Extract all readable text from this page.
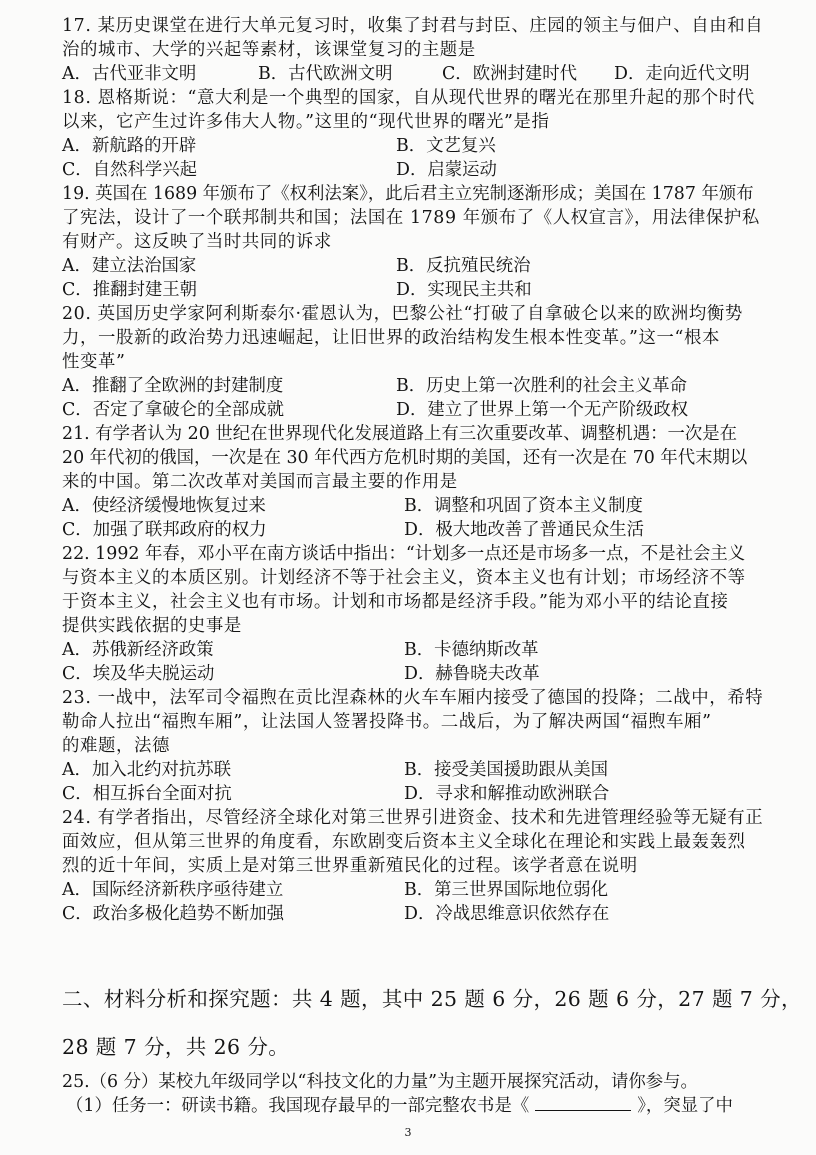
17. 某历史课堂在进行大单元复习时，收集了封君与封臣、庄园的领主与佃户、自由和自
治的城市、大学的兴起等素材，该课堂复习的主题是
A．古代亚非文明	B．古代欧洲文明	C．欧洲封建时代 D．走向近代文明
18. 恩格斯说：“意大利是一个典型的国家，自从现代世界的曙光在那里升起的那个时代
以来，它产生过许多伟大人物。”这里的“现代世界的曙光”是指
A．新航路的开辟	B．文艺复兴
C．自然科学兴起	D．启蒙运动
19. 英国在 1689 年颁布了《权利法案》，此后君主立宪制逐渐形成；美国在 1787 年颁布
了宪法，设计了一个联邦制共和国；法国在 1789 年颁布了《人权宣言》，用法律保护私
有财产。这反映了当时共同的诉求
A．建立法治国家	B．反抗殖民统治
C．推翻封建王朝	D．实现民主共和
20. 英国历史学家阿利斯泰尔·霍恩认为，巴黎公社“打破了自拿破仑以来的欧洲均衡势
力，一股新的政治势力迅速崛起，让旧世界的政治结构发生根本性变革。”这一“根本
性变革”
A．推翻了全欧洲的封建制度	B．历史上第一次胜利的社会主义革命
C．否定了拿破仑的全部成就	D．建立了世界上第一个无产阶级政权
21. 有学者认为 20 世纪在世界现代化发展道路上有三次重要改革、调整机遇：一次是在
20 年代初的俄国，一次是在 30 年代西方危机时期的美国，还有一次是在 70 年代末期以
来的中国。第二次改革对美国而言最主要的作用是
A．使经济缓慢地恢复过来	B．调整和巩固了资本主义制度
C．加强了联邦政府的权力	D．极大地改善了普通民众生活
22. 1992 年春，邓小平在南方谈话中指出：“计划多一点还是市场多一点，不是社会主义
与资本主义的本质区别。计划经济不等于社会主义，资本主义也有计划；市场经济不等
于资本主义，社会主义也有市场。计划和市场都是经济手段。”能为邓小平的结论直接
提供实践依据的史事是
A．苏俄新经济政策	B．卡德纳斯改革
C．埃及华夫脱运动	D．赫鲁晓夫改革
23. 一战中，法军司令福煦在贡比涅森林的火车车厢内接受了德国的投降；二战中，希特
勒命人拉出“福煦车厢”，让法国人签署投降书。二战后，为了解决两国“福煦车厢”
的难题，法德
A．加入北约对抗苏联	B．接受美国援助跟从美国
C．相互拆台全面对抗	D．寻求和解推动欧洲联合
24. 有学者指出，尽管经济全球化对第三世界引进资金、技术和先进管理经验等无疑有正
面效应，但从第三世界的角度看，东欧剧变后资本主义全球化在理论和实践上最轰轰烈
烈的近十年间，实质上是对第三世界重新殖民化的过程。该学者意在说明
A．国际经济新秩序亟待建立	B．第三世界国际地位弱化
C．政治多极化趋势不断加强	D．冷战思维意识依然存在
二、材料分析和探究题：共 4 题，其中 25 题 6 分，26 题 6 分，27 题 7 分，
28 题 7 分，共 26 分。
25.（6 分）某校九年级同学以“科技文化的力量”为主题开展探究活动，请你参与。
（1）任务一：研读书籍。我国现存最早的一部完整农书是《	》，突显了中
3
